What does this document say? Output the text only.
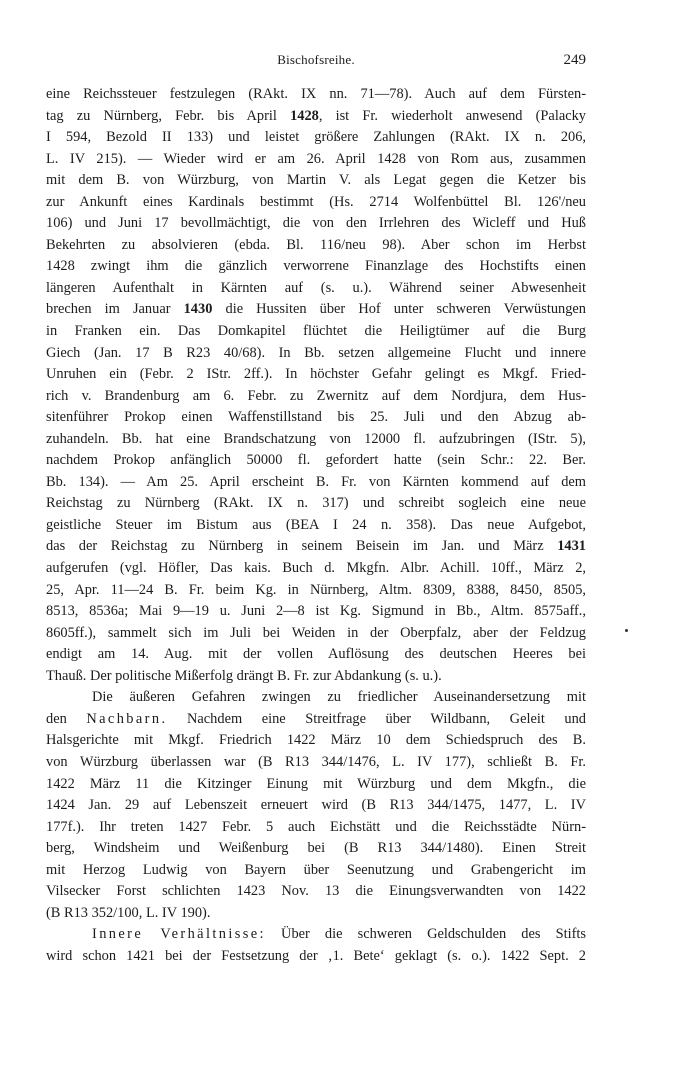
Bischofsreihe.	249
eine Reichssteuer festzulegen (RAkt. IX nn. 71—78). Auch auf dem Fürsten-
tag zu Nürnberg, Febr. bis April 1428, ist Fr. wiederholt anwesend (Palacky
I 594, Bezold II 133) und leistet größere Zahlungen (RAkt. IX n. 206,
L. IV 215). — Wieder wird er am 26. April 1428 von Rom aus, zusammen
mit dem B. von Würzburg, von Martin V. als Legat gegen die Ketzer bis
zur Ankunft eines Kardinals bestimmt (Hs. 2714 Wolfenbüttel Bl. 126'/neu
106) und Juni 17 bevollmächtigt, die von den Irrlehren des Wicleff und Huß
Bekehrten zu absolvieren (ebda. Bl. 116/neu 98). Aber schon im Herbst
1428 zwingt ihm die gänzlich verworrene Finanzlage des Hochstifts einen
längeren Aufenthalt in Kärnten auf (s. u.). Während seiner Abwesenheit
brechen im Januar 1430 die Hussiten über Hof unter schweren Verwüstungen
in Franken ein. Das Domkapitel flüchtet die Heiligtümer auf die Burg
Giech (Jan. 17 B R23 40/68). In Bb. setzen allgemeine Flucht und innere
Unruhen ein (Febr. 2 IStr. 2ff.). In höchster Gefahr gelingt es Mkgf. Fried-
rich v. Brandenburg am 6. Febr. zu Zwernitz auf dem Nordjura, dem Hus-
sitenführer Prokop einen Waffenstillstand bis 25. Juli und den Abzug ab-
zuhandeln. Bb. hat eine Brandschatzung von 12000 fl. aufzubringen (IStr. 5),
nachdem Prokop anfänglich 50000 fl. gefordert hatte (sein Schr.: 22. Ber.
Bb. 134). — Am 25. April erscheint B. Fr. von Kärnten kommend auf dem
Reichstag zu Nürnberg (RAkt. IX n. 317) und schreibt sogleich eine neue
geistliche Steuer im Bistum aus (BEA I 24 n. 358). Das neue Aufgebot,
das der Reichstag zu Nürnberg in seinem Beisein im Jan. und März 1431
aufgerufen (vgl. Höfler, Das kais. Buch d. Mkgfn. Albr. Achill. 10ff., März 2,
25, Apr. 11—24 B. Fr. beim Kg. in Nürnberg, Altm. 8309, 8388, 8450, 8505,
8513, 8536a; Mai 9—19 u. Juni 2—8 ist Kg. Sigmund in Bb., Altm. 8575aff.,
8605ff.), sammelt sich im Juli bei Weiden in der Oberpfalz, aber der Feldzug
endigt am 14. Aug. mit der vollen Auflösung des deutschen Heeres bei
Thauß. Der politische Mißerfolg drängt B. Fr. zur Abdankung (s. u.).
Die äußeren Gefahren zwingen zu friedlicher Auseinandersetzung mit
den Nachbarn. Nachdem eine Streitfrage über Wildbann, Geleit und
Halsgerichte mit Mkgf. Friedrich 1422 März 10 dem Schiedspruch des B.
von Würzburg überlassen war (B R13 344/1476, L. IV 177), schließt B. Fr.
1422 März 11 die Kitzinger Einung mit Würzburg und dem Mkgfn., die
1424 Jan. 29 auf Lebenszeit erneuert wird (B R13 344/1475, 1477, L. IV
177f.). Ihr treten 1427 Febr. 5 auch Eichstätt und die Reichsstädte Nürn-
berg, Windsheim und Weißenburg bei (B R13 344/1480). Einen Streit
mit Herzog Ludwig von Bayern über Seenutzung und Grabengericht im
Vilsecker Forst schlichten 1423 Nov. 13 die Einungsverwandten von 1422
(B R13 352/100, L. IV 190).
Innere Verhältnisse: Über die schweren Geldschulden des Stifts
wird schon 1421 bei der Festsetzung der ‚1. Bete‘ geklagt (s. o.). 1422 Sept. 2
